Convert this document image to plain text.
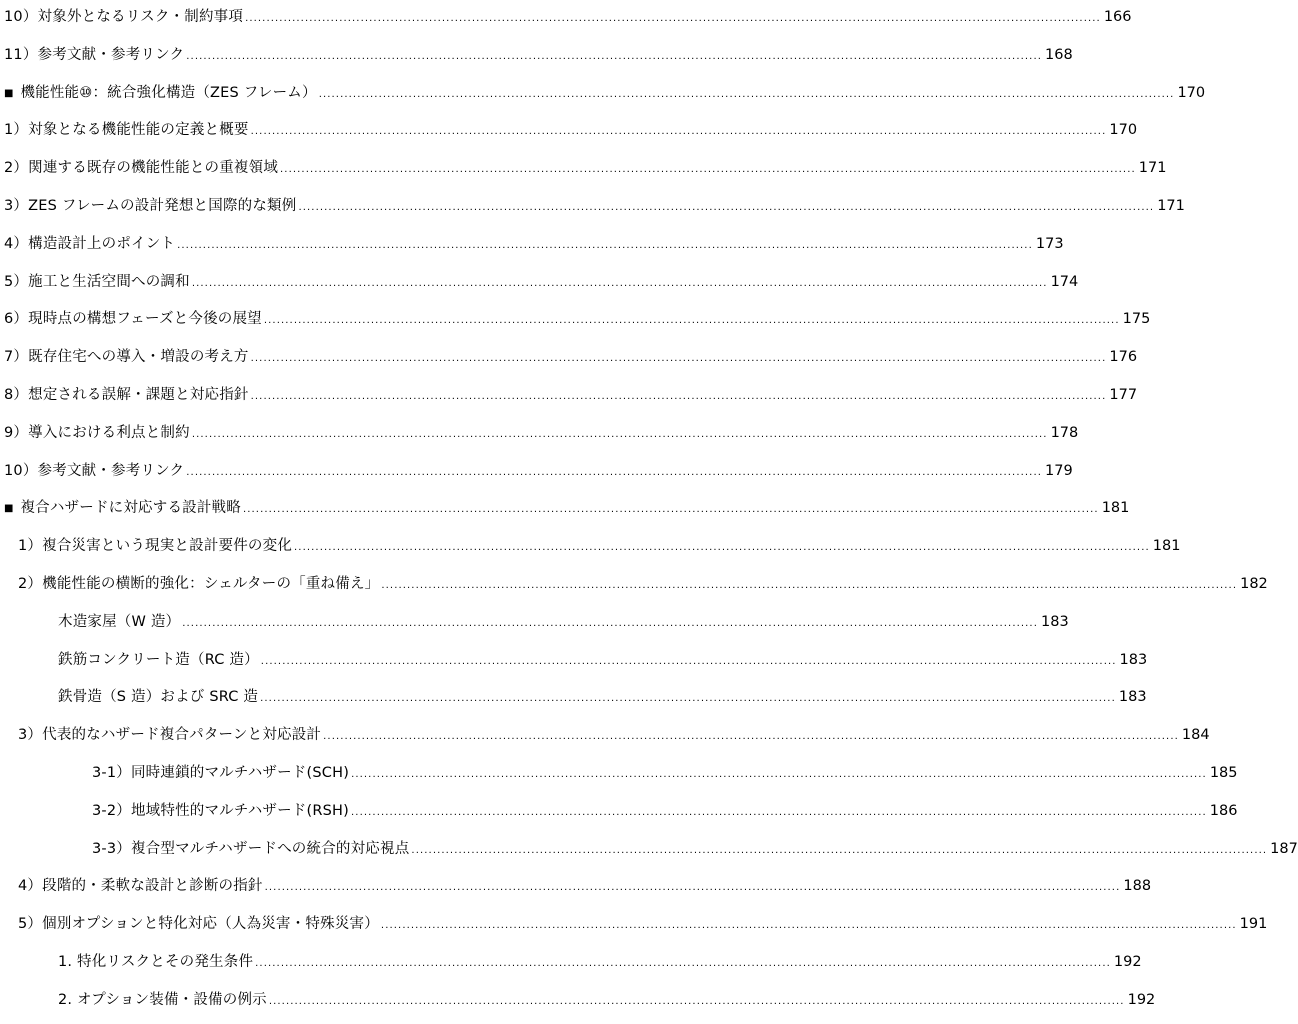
10）対象外となるリスク・制約事項 ........................................................................................................................................................................................................ 166
11）参考文献・参考リンク ........................................................................................................................................................................................................ 168
■ 機能性能⑩：統合強化構造（ZES フレーム） ........................................................................................................................................................................................................ 170
1）対象となる機能性能の定義と概要 ........................................................................................................................................................................................................ 170
2）関連する既存の機能性能との重複領域 ........................................................................................................................................................................................................ 171
3）ZES フレームの設計発想と国際的な類例 ........................................................................................................................................................................................................ 171
4）構造設計上のポイント ........................................................................................................................................................................................................ 173
5）施工と生活空間への調和 ........................................................................................................................................................................................................ 174
6）現時点の構想フェーズと今後の展望 ........................................................................................................................................................................................................ 175
7）既存住宅への導入・増設の考え方 ........................................................................................................................................................................................................ 176
8）想定される誤解・課題と対応指針 ........................................................................................................................................................................................................ 177
9）導入における利点と制約 ........................................................................................................................................................................................................ 178
10）参考文献・参考リンク ........................................................................................................................................................................................................ 179
■ 複合ハザードに対応する設計戦略 ........................................................................................................................................................................................................ 181
1）複合災害という現実と設計要件の変化 ........................................................................................................................................................................................................ 181
2）機能性能の横断的強化：シェルターの「重ね備え」 ........................................................................................................................................................................................................ 182
木造家屋（W 造） ........................................................................................................................................................................................................ 183
鉄筋コンクリート造（RC 造） ........................................................................................................................................................................................................ 183
鉄骨造（S 造）および SRC 造 ........................................................................................................................................................................................................ 183
3）代表的なハザード複合パターンと対応設計 ........................................................................................................................................................................................................ 184
3-1）同時連鎖的マルチハザード(SCH) ........................................................................................................................................................................................................ 185
3-2）地域特性的マルチハザード(RSH) ........................................................................................................................................................................................................ 186
3-3）複合型マルチハザードへの統合的対応視点 ........................................................................................................................................................................................................ 187
4）段階的・柔軟な設計と診断の指針 ........................................................................................................................................................................................................ 188
5）個別オプションと特化対応（人為災害・特殊災害） ........................................................................................................................................................................................................ 191
1. 特化リスクとその発生条件 ........................................................................................................................................................................................................ 192
2. オプション装備・設備の例示 ........................................................................................................................................................................................................ 192
